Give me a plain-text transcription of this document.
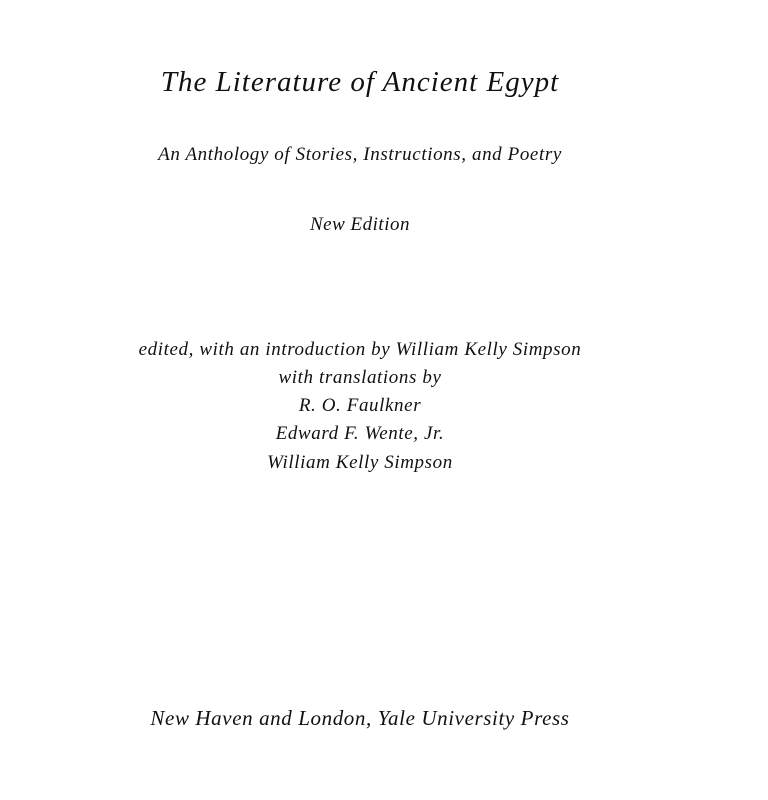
The Literature of Ancient Egypt
An Anthology of Stories, Instructions, and Poetry
New Edition
edited, with an introduction by William Kelly Simpson
with translations by
R. O. Faulkner
Edward F. Wente, Jr.
William Kelly Simpson
New Haven and London, Yale University Press
